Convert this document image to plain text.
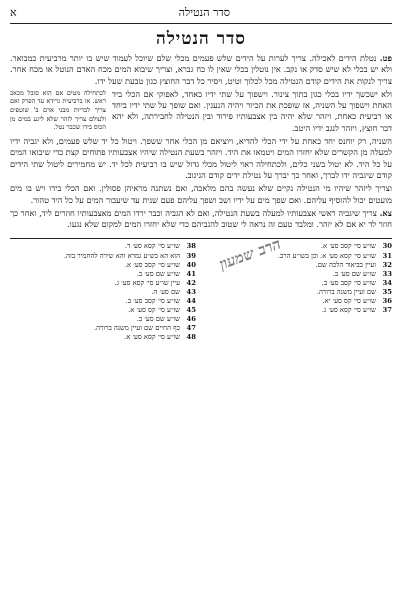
סדר הנטילה
א
סדר הנטילה

פט. נטלת הידים לאכילה. צריך לערות על הידים שלש פעמים מכלי שלם שיוכל לעמוד שיש בו יותר מרביעית כמבואר. ולא יש בכלי לא שיש סדק או נקב. אין נוטלין בכלי שאין לו כח גברא, וצריך שיבוא המים מכח האדם הנוטל או מכח אחר. צריך לנקות את הידים קודם הנטילה מכל לכלוך וטיט, ויסיר כל דבר החוצץ כגון טבעת שעל ידו.

ולא ישכשך ידיו בכלי כגון בתוך צינור. וישפוך על שתי ידיו כאחד, לאפוקי אם הכלי ביד האחת וישפוך על השניה, אז שופכת את הכיור ויהיה הנעגין. ואם שופך על שתי ידיו ביחד או רביעית כאחת, ויזהר שלא יהיה בין אצבעותיו פירוד ובין הנטילה לחבירתה, ולא יהא דבר חוצץ, ויזהר לנגב ידיו היטב.
לכתחילה מטים אם הוא סובל מכאב ראש. או ברביעית גרידא עד הפרק ואם צריך לבריות מבני אדם ב' שוטפים ולעולם צריך לזהר שלא ליגע במים מן הכוס בידו שכבר נטל.

השניה, רק יוחנס יחד כאחת על ידי הכלי להדיא, ויוציאם מן הכלי אחר ששפך. ויטול כל יד שלש פעמים, ולא יגביה ידיו למעלה מן הקשרים שלא יחזרו המים ויטמאו את היד. ויזהר בשעת הנטילה שיהיו אצבעותיו פתוחים קצת כדי שיבואו המים על כל היד. לא יטול בשני כלים, ולכתחילה ראוי ליטול מכלי גדול שיש בו רביעית לכל יד. יש מחמירים ליטול שתי הידים קודם שיגביה ידו לברך, ואחר כך יברך על נטילת ידים קודם הניגוב.

וצריך ליזהר שיהיו מי הנטילה נקיים שלא נעשה בהם מלאכה, ואם נשתנה מראיהן פסולין. ואם הכלי בידו ויש בו מים מועטים יכול להוסיף עליהם. ואם שפך מים על ידיו ושב ושפך עליהם פעם שנית עד שיעבור המים על כל היד טהור.

צא. צריך שיגביה ראשי אצבעותיו למעלה בשעת הנטילה, ואם לא הגביה וכבר ירדו המים מאצבעותיו חוזרים ליד, ואחר כך חוזר לד יא אם לא יזהר. ומלבד טעם זה נראה לי שטוב להגביהם כדי שלא יחזרו המים למקום שלא נגעו.

30
שו״ע סי׳ קסב סע׳ א.
31
שו״ע סי׳ קסא סע׳ א. וכן בשו״ע הרב.
32
ועיין בביאור הלכה שם.
33
שו״ע שם סע׳ ב.
34
שו״ע סי׳ קסב סע׳ ב.
35
שם ועיין משנה ברורה.
36
שו״ע סי׳ קס סע׳ יא.
37
שו״ע סי׳ קסא סע׳ ג.
38
שו״ע סי׳ קסא סע׳ ד.
39
הוא הא בש״ע גמרא והא שירה להחמיר בזה.
40
שו״ע סי׳ קסב סע׳ א.
41
שו״ע שם סע׳ ב.
42
עיין שו״ע סי׳ קסא סע׳ ג.
43
שם סע׳ ה.
44
שו״ע סי׳ קסב סע׳ ב.
45
שו״ע סי׳ קס סע׳ א.
46
שו״ע שם סע׳ ב.
47
כף החיים שם ועיין משנה ברורה.
48
שו״ע סי׳ קסא סע׳ א.
הרב שמעון
